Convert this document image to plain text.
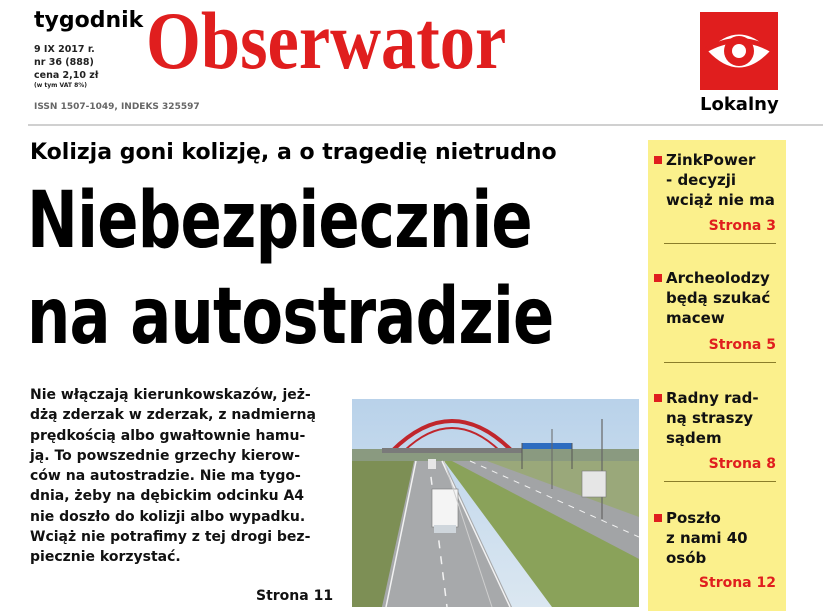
tygodnik
9 IX 2017 r.
nr 36 (888)
cena 2,10 zł
(w tym VAT 8%)
ISSN 1507-1049, INDEKS 325597
Obserwator
Lokalny
Kolizja goni kolizję, a o tragedię nietrudno
Niebezpiecznie
na autostradzie
Nie włączają kierunkowskazów, jeż-
dżą zderzak w zderzak, z nadmierną
prędkością albo gwałtownie hamu-
ją. To powszednie grzechy kierow-
ców na autostradzie. Nie ma tygo-
dnia, żeby na dębickim odcinku A4
nie doszło do kolizji albo wypadku.
Wciąż nie potrafimy z tej drogi bez-
piecznie korzystać.
Strona 11
ZinkPower
- decyzji
wciąż nie ma
Strona 3
Archeolodzy
będą szukać
macew
Strona 5
Radny rad-
ną straszy
sądem
Strona 8
Poszło
z nami 40
osób
Strona 12
